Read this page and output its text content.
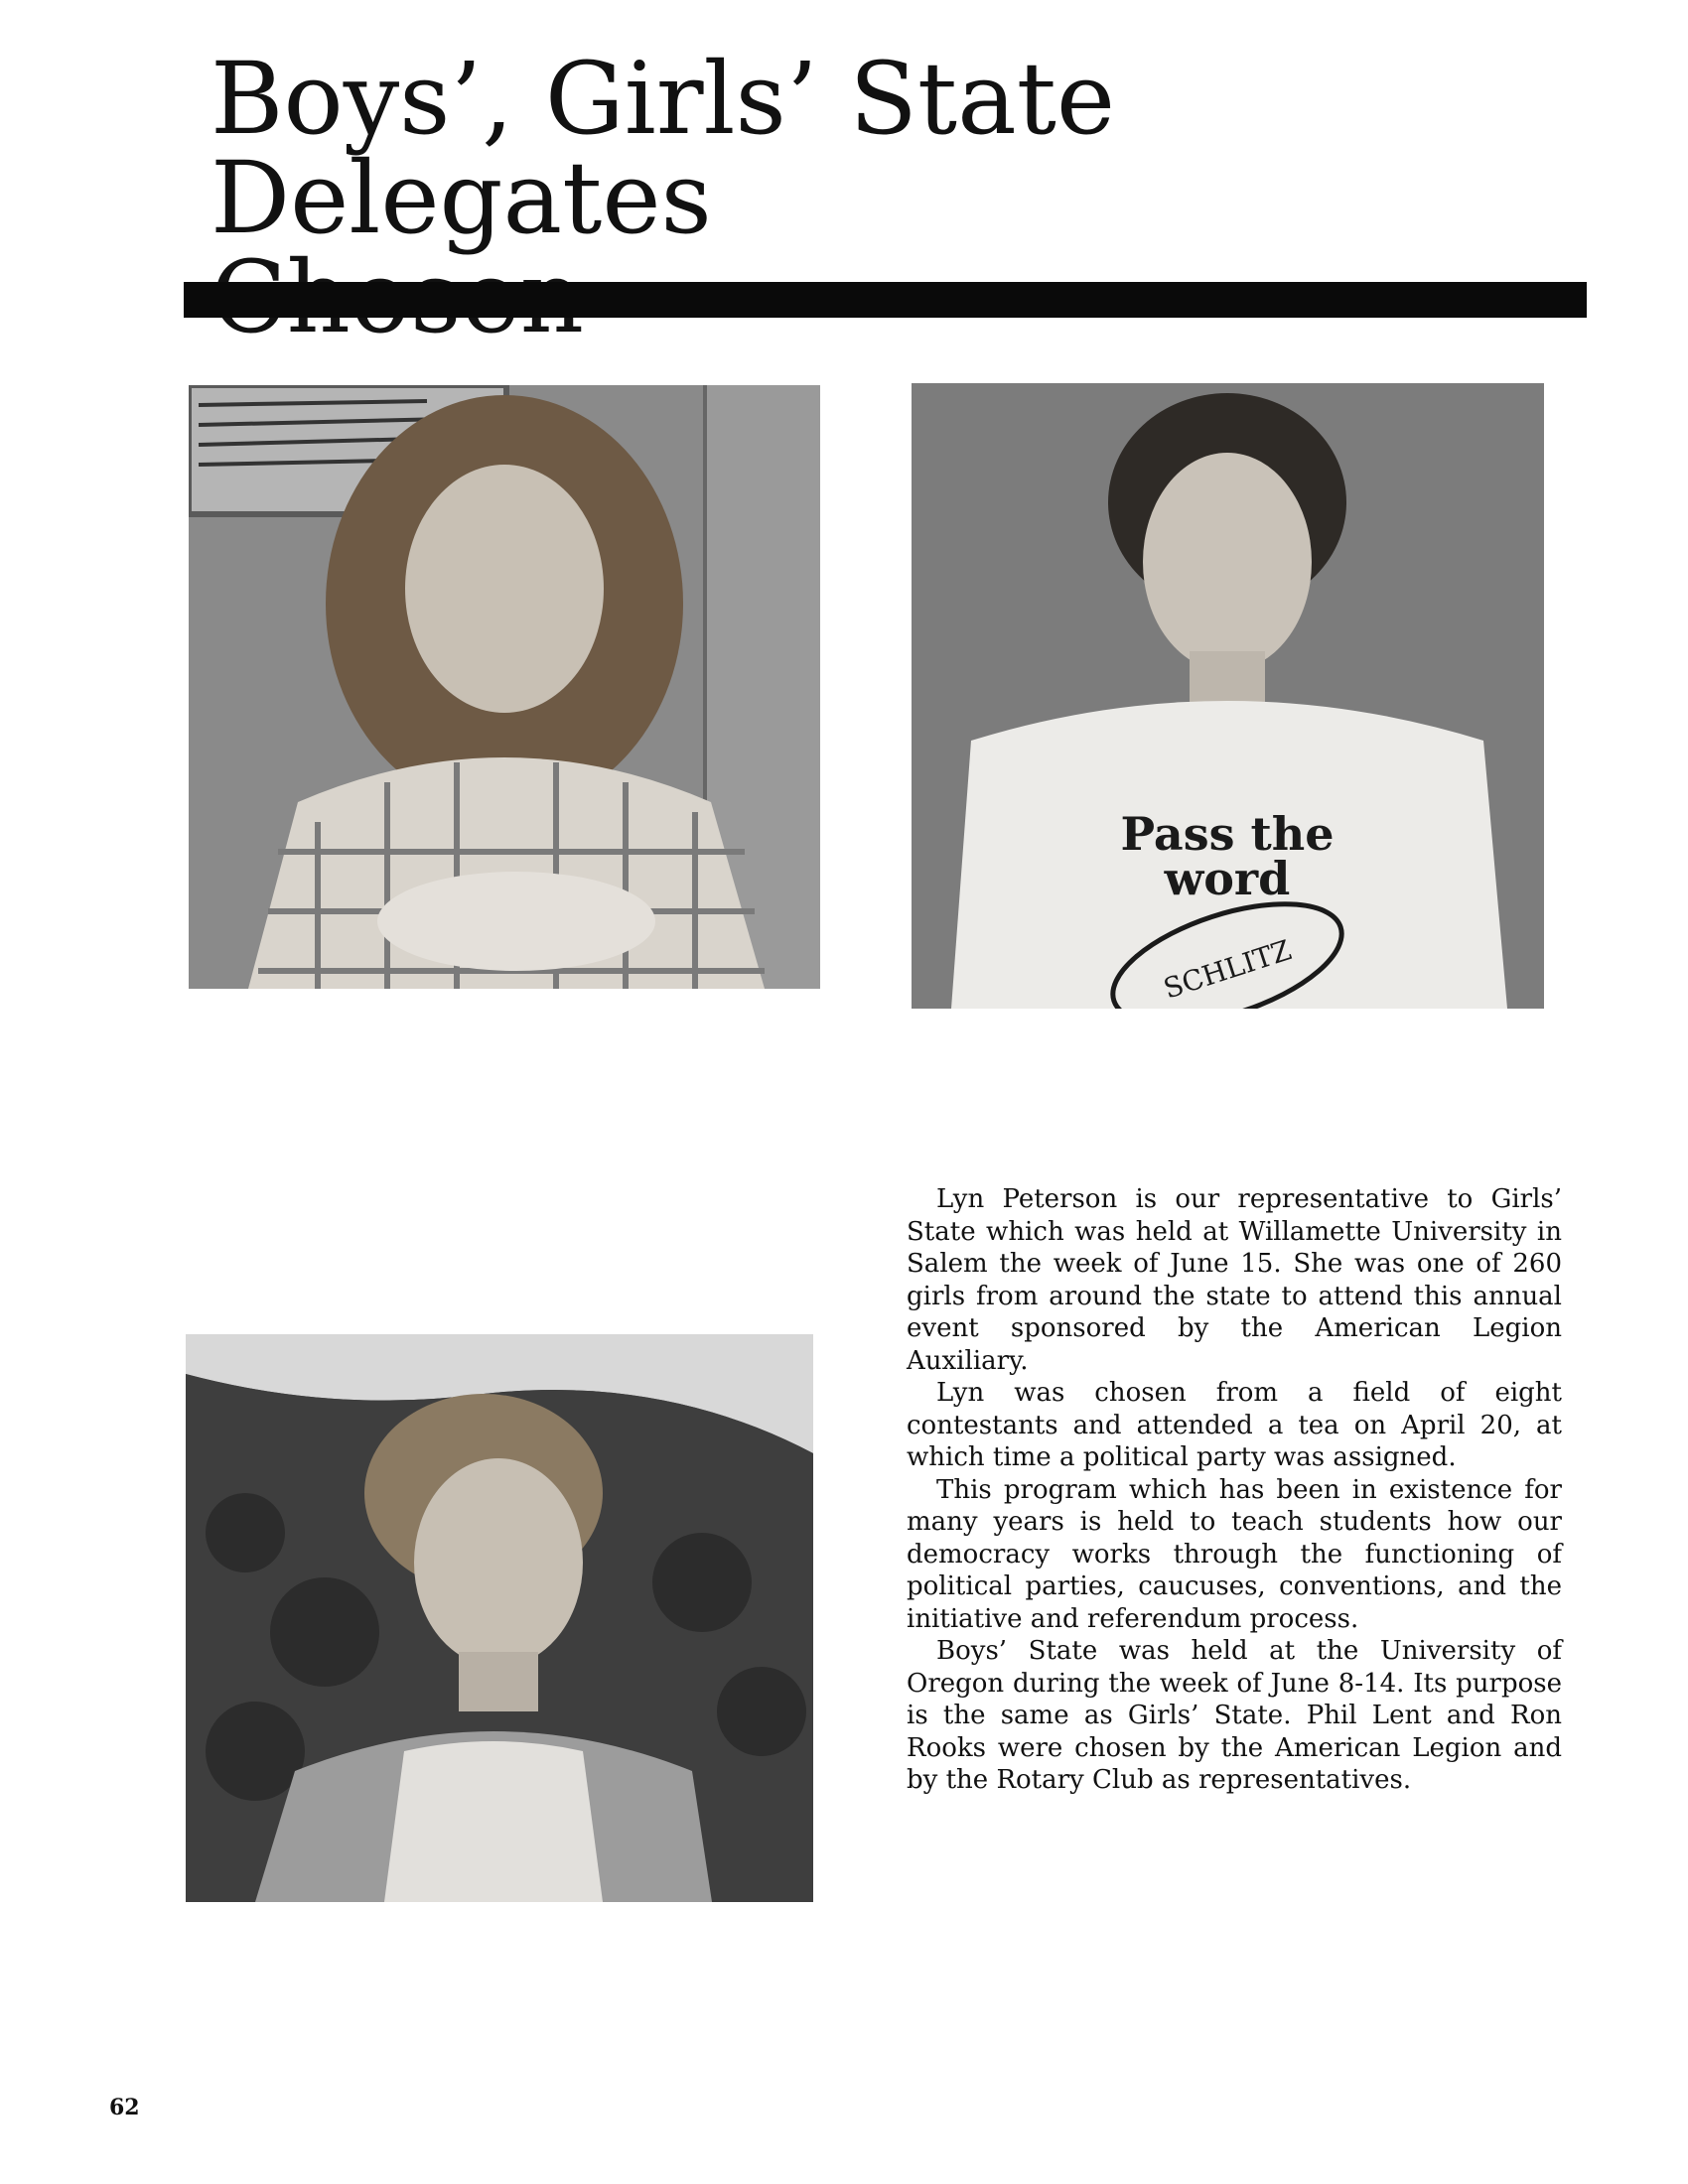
Boys’, Girls’ State Delegates

Pass the
word
SCHLITZ

Lyn Peterson is our representative to Girls’ State which was held at Willamette University in Salem the week of June 15. She was one of 260 girls from around the state to attend this annual event sponsored by the American Legion Auxiliary.

Lyn was chosen from a field of eight contestants and attended a tea on April 20, at which time a political party was assigned.

This program which has been in existence for many years is held to teach students how our democracy works through the functioning of political parties, caucuses, conventions, and the initiative and referendum process.

Boys’ State was held at the University of Oregon during the week of June 8-14. Its purpose is the same as Girls’ State. Phil Lent and Ron Rooks were chosen by the American Legion and by the Rotary Club as representatives.

62
